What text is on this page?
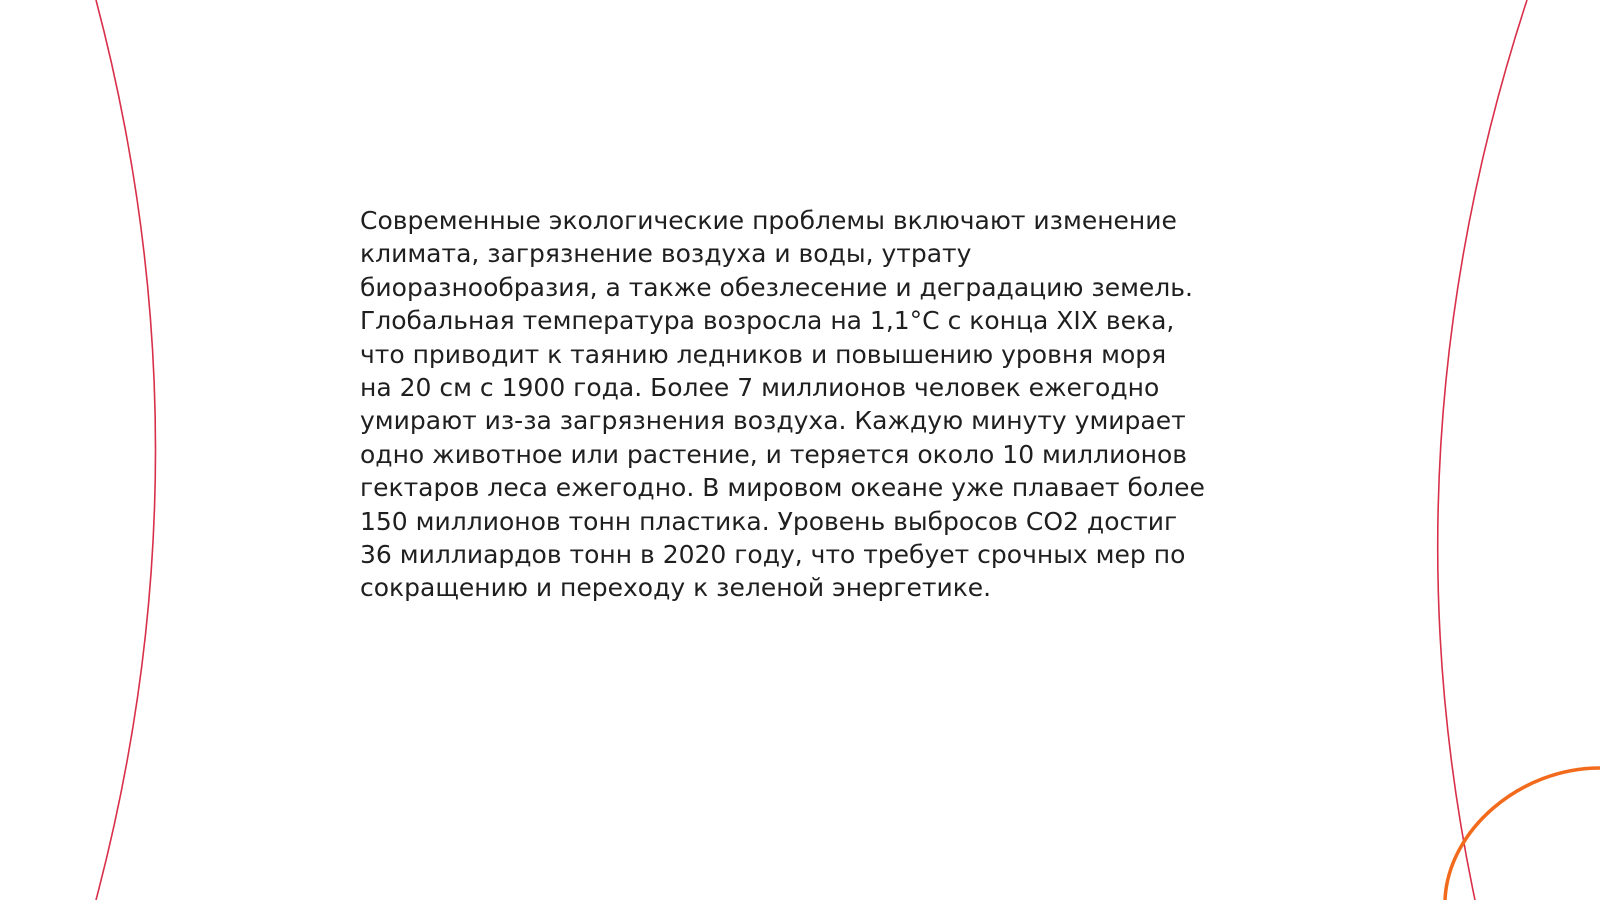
Современные экологические проблемы включают изменение
климата, загрязнение воздуха и воды, утрату
биоразнообразия, а также обезлесение и деградацию земель.
Глобальная температура возросла на 1,1°C с конца XIX века,
что приводит к таянию ледников и повышению уровня моря
на 20 см с 1900 года. Более 7 миллионов человек ежегодно
умирают из-за загрязнения воздуха. Каждую минуту умирает
одно животное или растение, и теряется около 10 миллионов
гектаров леса ежегодно. В мировом океане уже плавает более
150 миллионов тонн пластика. Уровень выбросов CO2 достиг
36 миллиардов тонн в 2020 году, что требует срочных мер по
сокращению и переходу к зеленой энергетике.
